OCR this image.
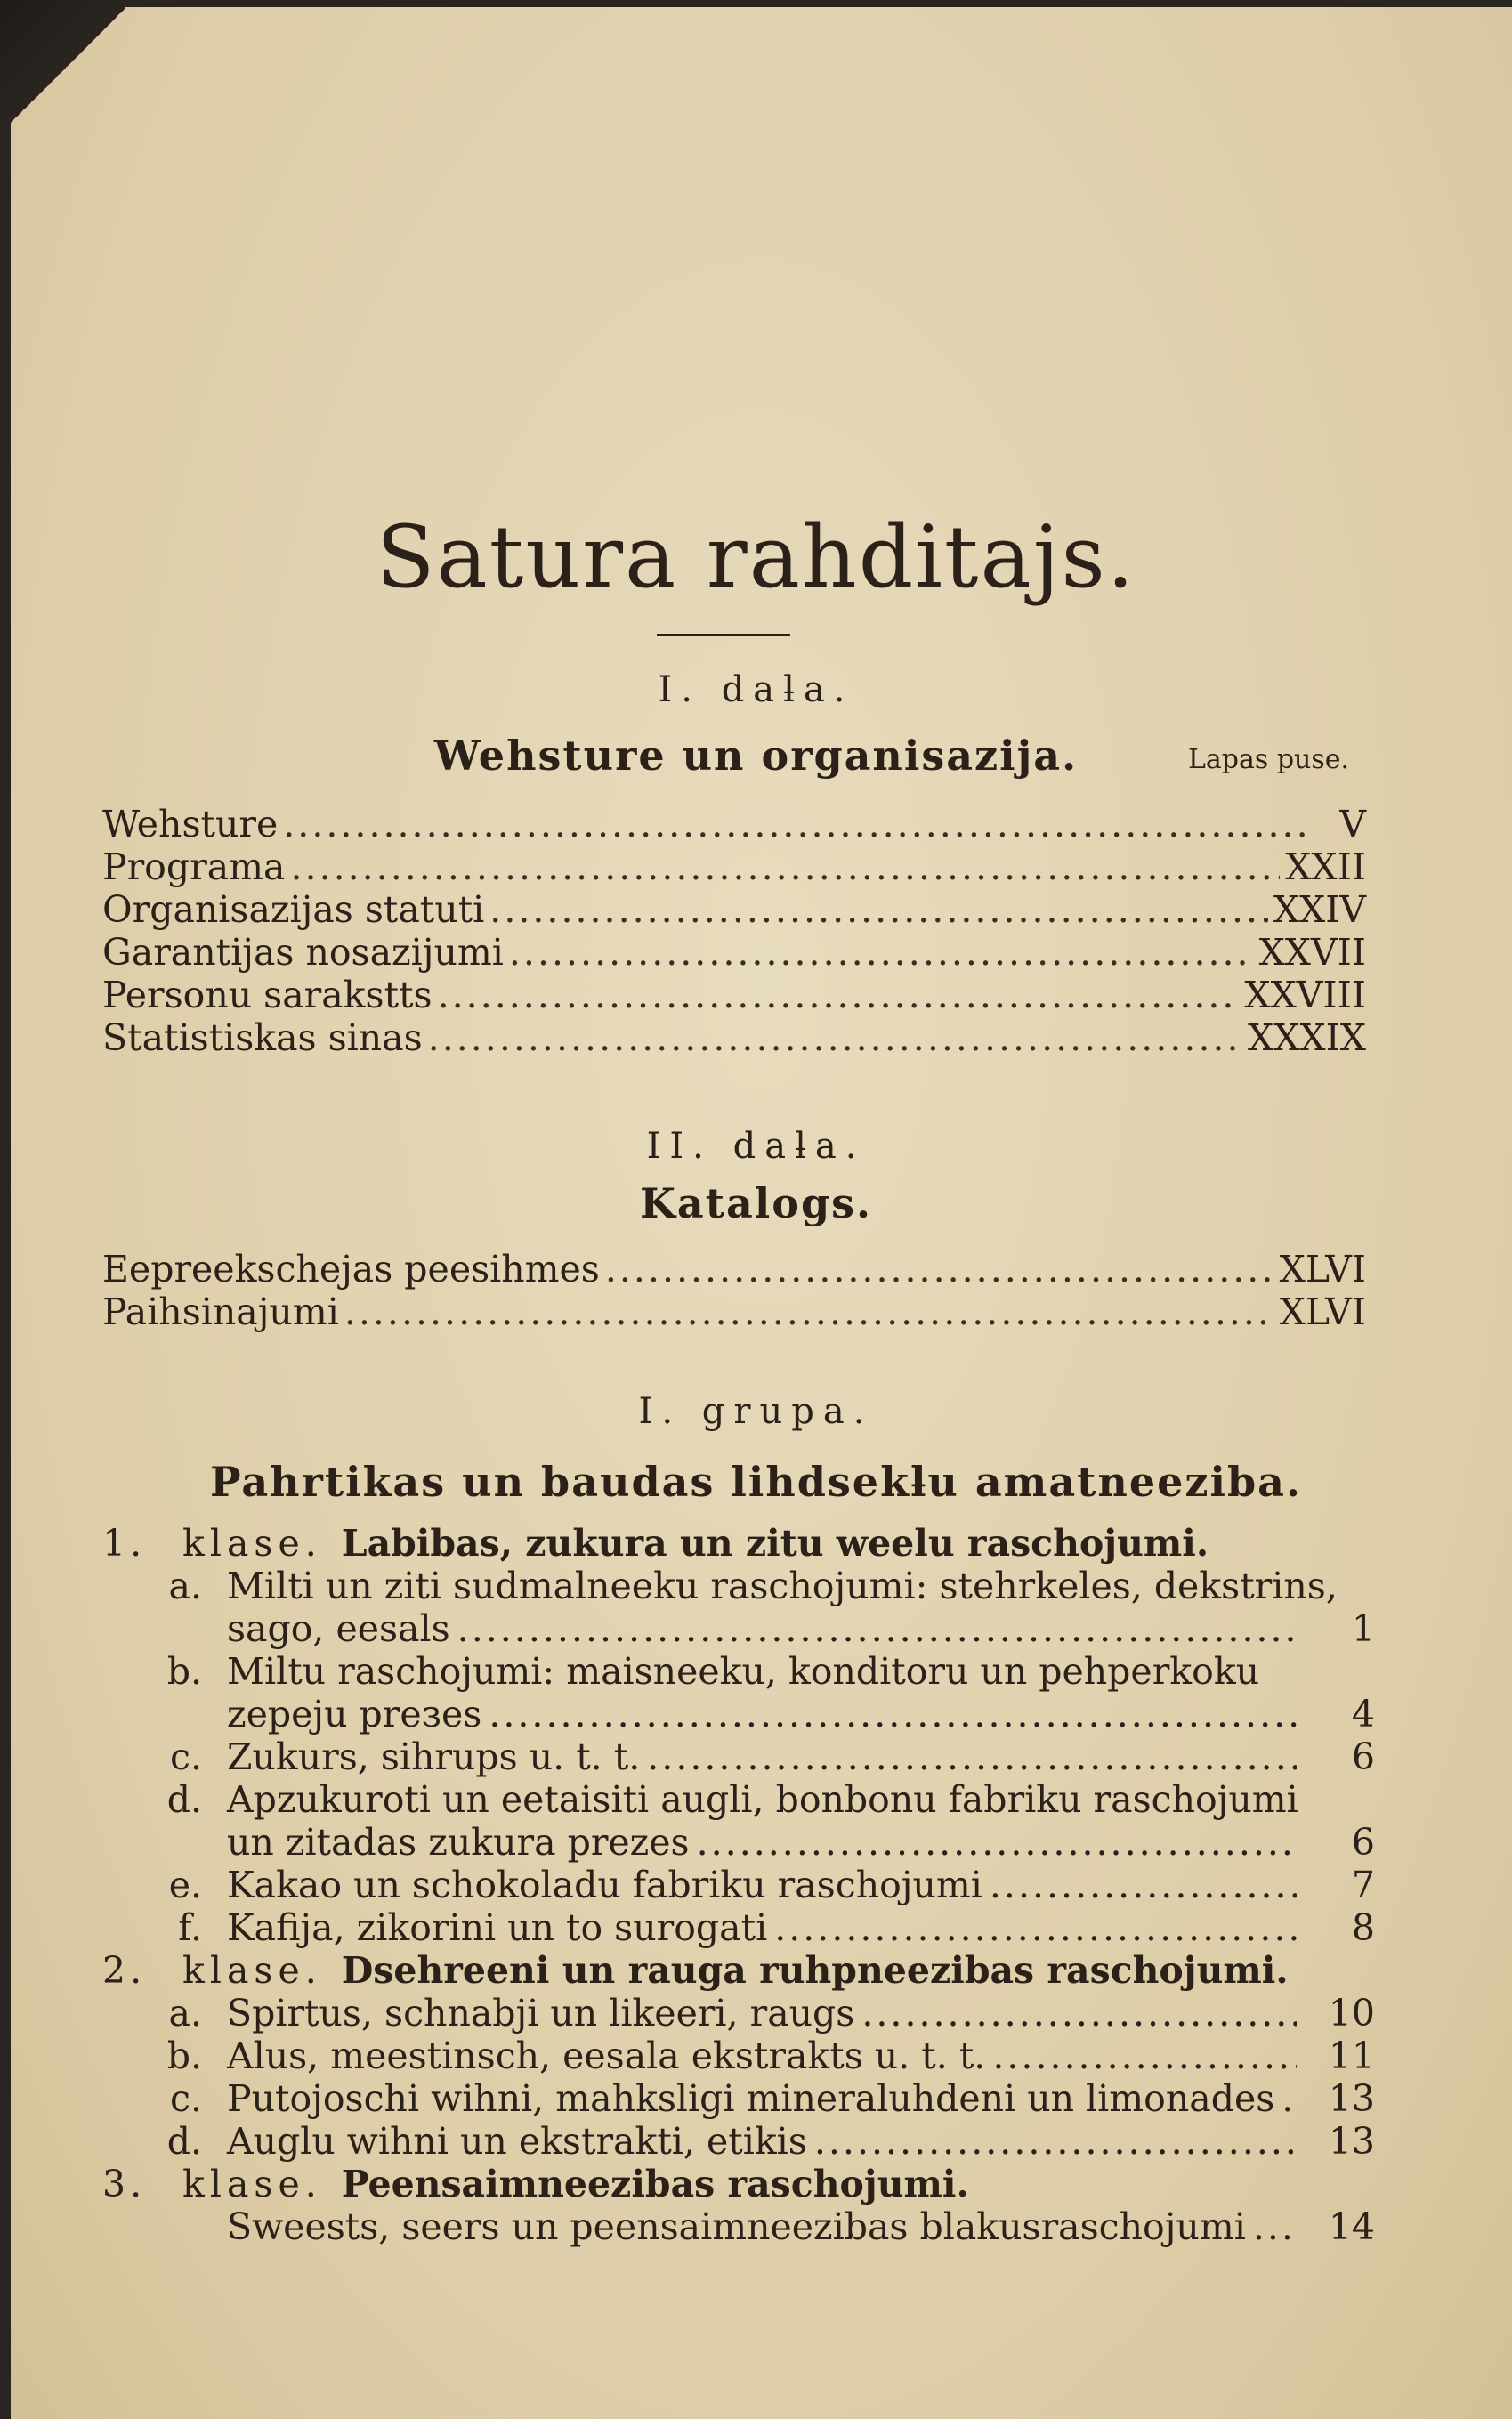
Satura rahditajs.
I. daƚa.
Wehsture un organisazija.	Lapas puse.
Wehsture .....	V
Programa .....	XXII
Organisazijas statuti .....	XXIV
Garantijas nosazijumi .....	XXVII
Personu sarakstts .....	XXVIII
Statistiskas sinas .....	XXXIX
II. daƚa.
Katalogs.
Eepreekschejas peesihmes .....	XLVI
Paihsinajumi .....	XLVI
I. grupa.
Pahrtikas un baudas lihdsekƚu amatneeziba.
1. klase. Labibas, zukura un zitu weelu raschojumi.
a. Milti un ziti sudmalneeku raschojumi: stehrkeles, dekstrins,
sago, eesals .....	1
b. Miltu raschojumi: maisneeku, konditoru un pehperkoku
zepeju preзes .....	4
c. Zukurs, sihrups u. t. t. .....	6
d. Apzukuroti un eetaisiti augli, bonbonu fabriku raschojumi
un zitadas zukura prezes .....	6
e. Kakao un schokoladu fabriku raschojumi .....	7
f. Kafija, zikorini un to surogati .....	8
2. klase. Dsehreeni un rauga ruhpneezibas raschojumi.
a. Spirtus, schnabji un likeeri, raugs .....	10
b. Alus, meestinsch, eesala ekstrakts u. t. t. .....	11
c. Putojoschi wihni, mahksligi mineraluhdeni un limonades .....	13
d. Auglu wihni un ekstrakti, etikis .....	13
3. klase. Peensaimneezibas raschojumi.
Sweests, seers un peensaimneezibas blakusraschojumi .....	14
